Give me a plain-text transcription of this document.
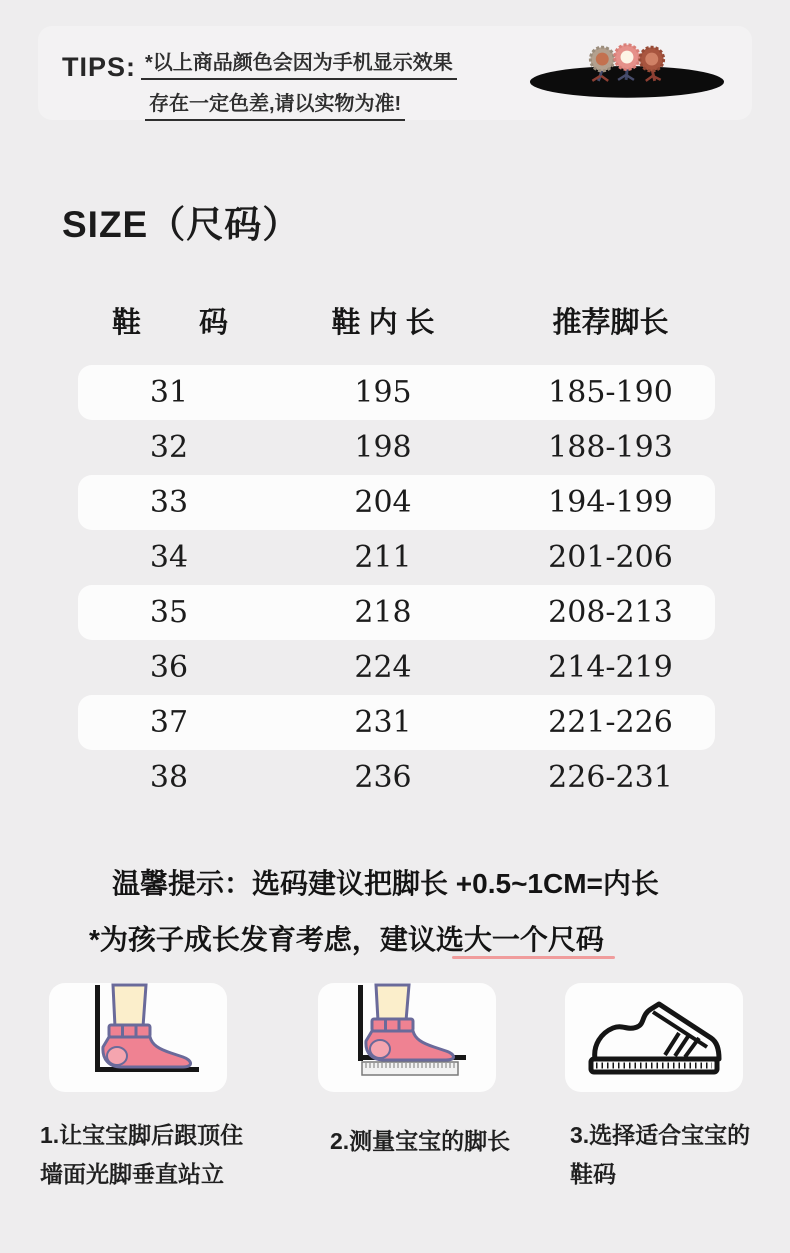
TIPS: *以上商品颜色会因为手机显示效果
存在一定色差,请以实物为准!
SIZE（尺码）
鞋　　码	鞋 内 长	推荐脚长
31	195	185-190
32	198	188-193
33	204	194-199
34	211	201-206
35	218	208-213
36	224	214-219
37	231	221-226
38	236	226-231
温馨提示：选码建议把脚长 +0.5~1CM=内长
*为孩子成长发育考虑，建议选大一个尺码
1.让宝宝脚后跟顶住墙面光脚垂直站立
2.测量宝宝的脚长	3.选择适合宝宝的鞋码
